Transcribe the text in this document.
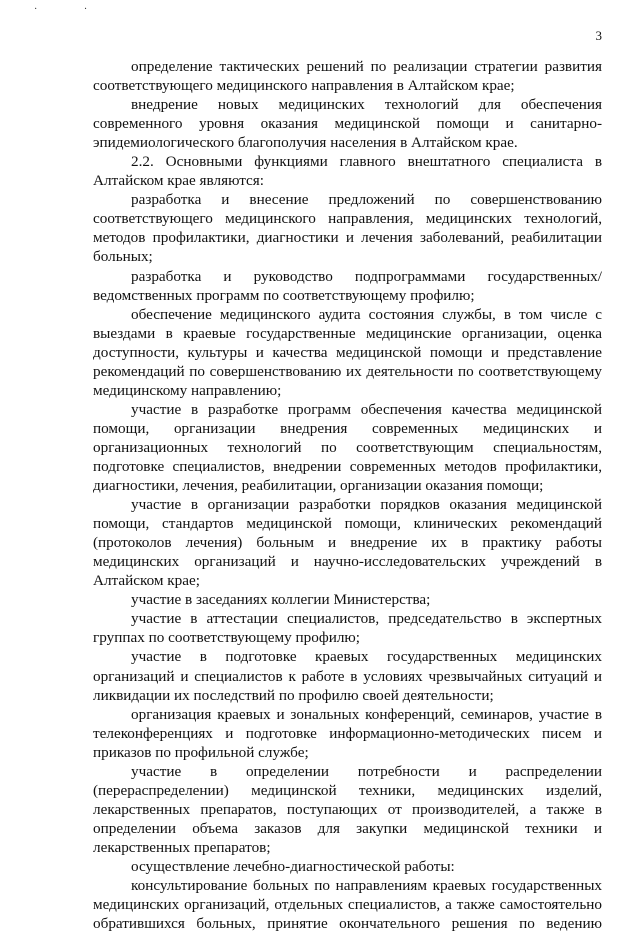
· ·
3

определение тактических решений по реализации стратегии развития соответствующего медицинского направления в Алтайском крае;

внедрение новых медицинских технологий для обеспечения современного уровня оказания медицинской помощи и санитарно-эпидемиологического благополучия населения в Алтайском крае.

2.2. Основными функциями главного внештатного специалиста в Алтайском крае являются:

разработка и внесение предложений по совершенствованию соответствующего медицинского направления, медицинских технологий, методов профилактики, диагностики и лечения заболеваний, реабилитации больных;

разработка и руководство подпрограммами государственных/ведомственных программ по соответствующему профилю;

обеспечение медицинского аудита состояния службы, в том числе с выездами в краевые государственные медицинские организации, оценка доступности, культуры и качества медицинской помощи и представление рекомендаций по совершенствованию их деятельности по соответствующему медицинскому направлению;

участие в разработке программ обеспечения качества медицинской помощи, организации внедрения современных медицинских и организационных технологий по соответствующим специальностям, подготовке специалистов, внедрении современных методов профилактики, диагностики, лечения, реабилитации, организации оказания помощи;

участие в организации разработки порядков оказания медицинской помощи, стандартов медицинской помощи, клинических рекомендаций (протоколов лечения) больным и внедрение их в практику работы медицинских организаций и научно-исследовательских учреждений в Алтайском крае;

участие в заседаниях коллегии Министерства;

участие в аттестации специалистов, председательство в экспертных группах по соответствующему профилю;

участие в подготовке краевых государственных медицинских организаций и специалистов к работе в условиях чрезвычайных ситуаций и ликвидации их последствий по профилю своей деятельности;

организация краевых и зональных конференций, семинаров, участие в телеконференциях и подготовке информационно-методических писем и приказов по профильной службе;

участие в определении потребности и распределении (перераспределении) медицинской техники, медицинских изделий, лекарственных препаратов, поступающих от производителей, а также в определении объема заказов для закупки медицинской техники и лекарственных препаратов;

осуществление лечебно-диагностической работы:

консультирование больных по направлениям краевых государственных медицинских организаций, отдельных специалистов, а также самостоятельно обратившихся больных, принятие окончательного решения по ведению
